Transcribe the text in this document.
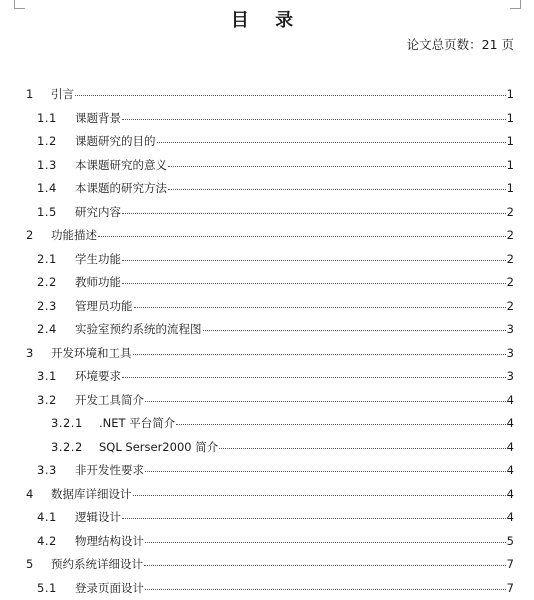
目 录
论文总页数：21 页
1	引言	1
1.1	课题背景	1
1.2	课题研究的目的	1
1.3	本课题研究的意义	1
1.4	本课题的研究方法	1
1.5	研究内容	2
2	功能描述	2
2.1	学生功能	2
2.2	教师功能	2
2.3	管理员功能	2
2.4	实验室预约系统的流程图	3
3	开发环境和工具	3
3.1	环境要求	3
3.2	开发工具简介	4
3.2.1	.NET 平台简介	4
3.2.2	SQL Serser2000 简介	4
3.3	非开发性要求	4
4	数据库详细设计	4
4.1	逻辑设计	4
4.2	物理结构设计	5
5	预约系统详细设计	7
5.1	登录页面设计	7
